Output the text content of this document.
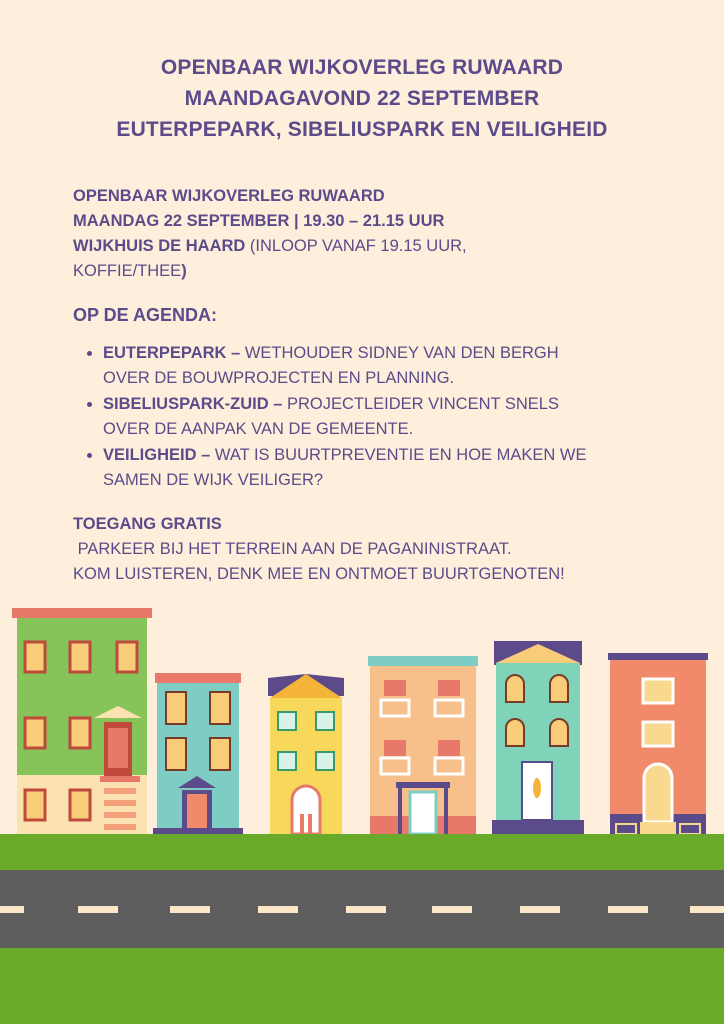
OPENBAAR WIJKOVERLEG RUWAARD
MAANDAGAVOND 22 SEPTEMBER
EUTERPEPARK, SIBELIUSPARK EN VEILIGHEID
OPENBAAR WIJKOVERLEG RUWAARD
MAANDAG 22 SEPTEMBER | 19.30 – 21.15 UUR
WIJKHUIS DE HAARD (INLOOP VANAF 19.15 UUR,
KOFFIE/THEE)
OP DE AGENDA:
• EUTERPEPARK – WETHOUDER SIDNEY VAN DEN BERGH
OVER DE BOUWPROJECTEN EN PLANNING.
• SIBELIUSPARK-ZUID – PROJECTLEIDER VINCENT SNELS
OVER DE AANPAK VAN DE GEMEENTE.
• VEILIGHEID – WAT IS BUURTPREVENTIE EN HOE MAKEN WE
SAMEN DE WIJK VEILIGER?
TOEGANG GRATIS
PARKEER BIJ HET TERREIN AAN DE PAGANINISTRAAT.
KOM LUISTEREN, DENK MEE EN ONTMOET BUURTGENOTEN!
